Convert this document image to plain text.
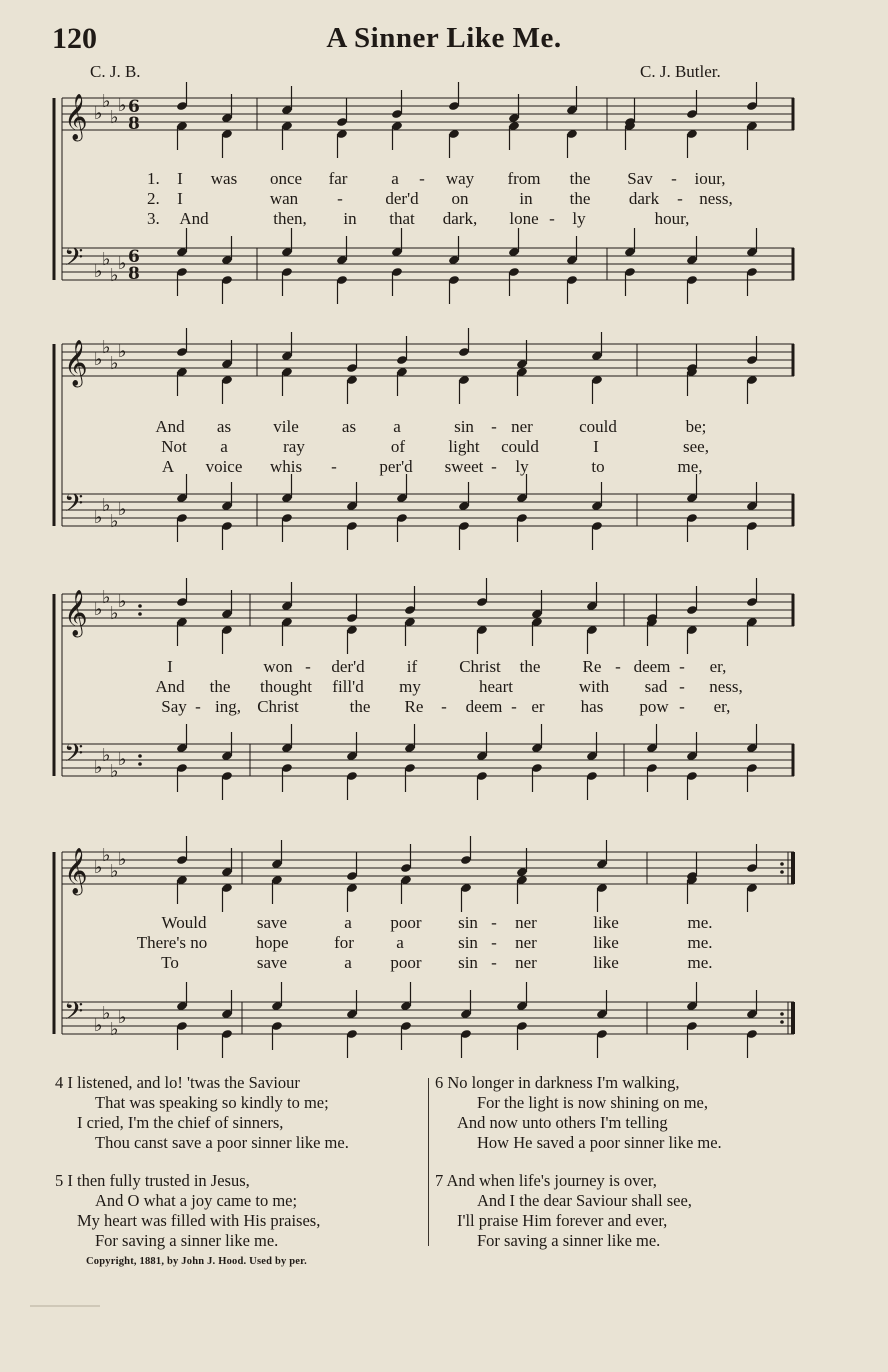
120	A Sinner Like Me.
C. J. B.	C. J. Butler.
𝄞
𝄢
♭
♭
♭
♭
♭
♭
♭
♭
6
8
6
8
1. I was once far	a - way from the Sav - iour,
2. I	wan -	der'd on	in the dark - ness,
3. And	then, in that dark, lone - ly	hour,
𝄞
𝄢
♭
♭
♭
♭
♭
♭
♭
♭
And as vile	as a	sin - ner	could	be;
Not a	ray	of	light could	I	see,
A voice whis -	per'd sweet - ly	to	me,
𝄞
𝄢
♭
♭
♭
♭
♭
♭
♭
♭
I	won - der'd if Christ the Re - deem - er,
And the thought fill'd my	heart	with sad - ness,
Say - ing, Christ	the Re - deem - er has pow - er,
𝄞
𝄢
♭
♭
♭
♭
♭
♭
♭
♭
Would	save	a poor sin - ner	like	me.
There's no	hope	for a	sin - ner	like	me.
To	save	a poor sin - ner	like	me.
4 I listened, and lo! 'twas the Saviour
That was speaking so kindly to me;
I cried, I'm the chief of sinners,
Thou canst save a poor sinner like me.
5 I then fully trusted in Jesus,
And O what a joy came to me;
My heart was filled with His praises,
For saving a sinner like me.
6 No longer in darkness I'm walking,
For the light is now shining on me,
And now unto others I'm telling
How He saved a poor sinner like me.
7 And when life's journey is over,
And I the dear Saviour shall see,
I'll praise Him forever and ever,
For saving a sinner like me.
Copyright, 1881, by John J. Hood. Used by per.
